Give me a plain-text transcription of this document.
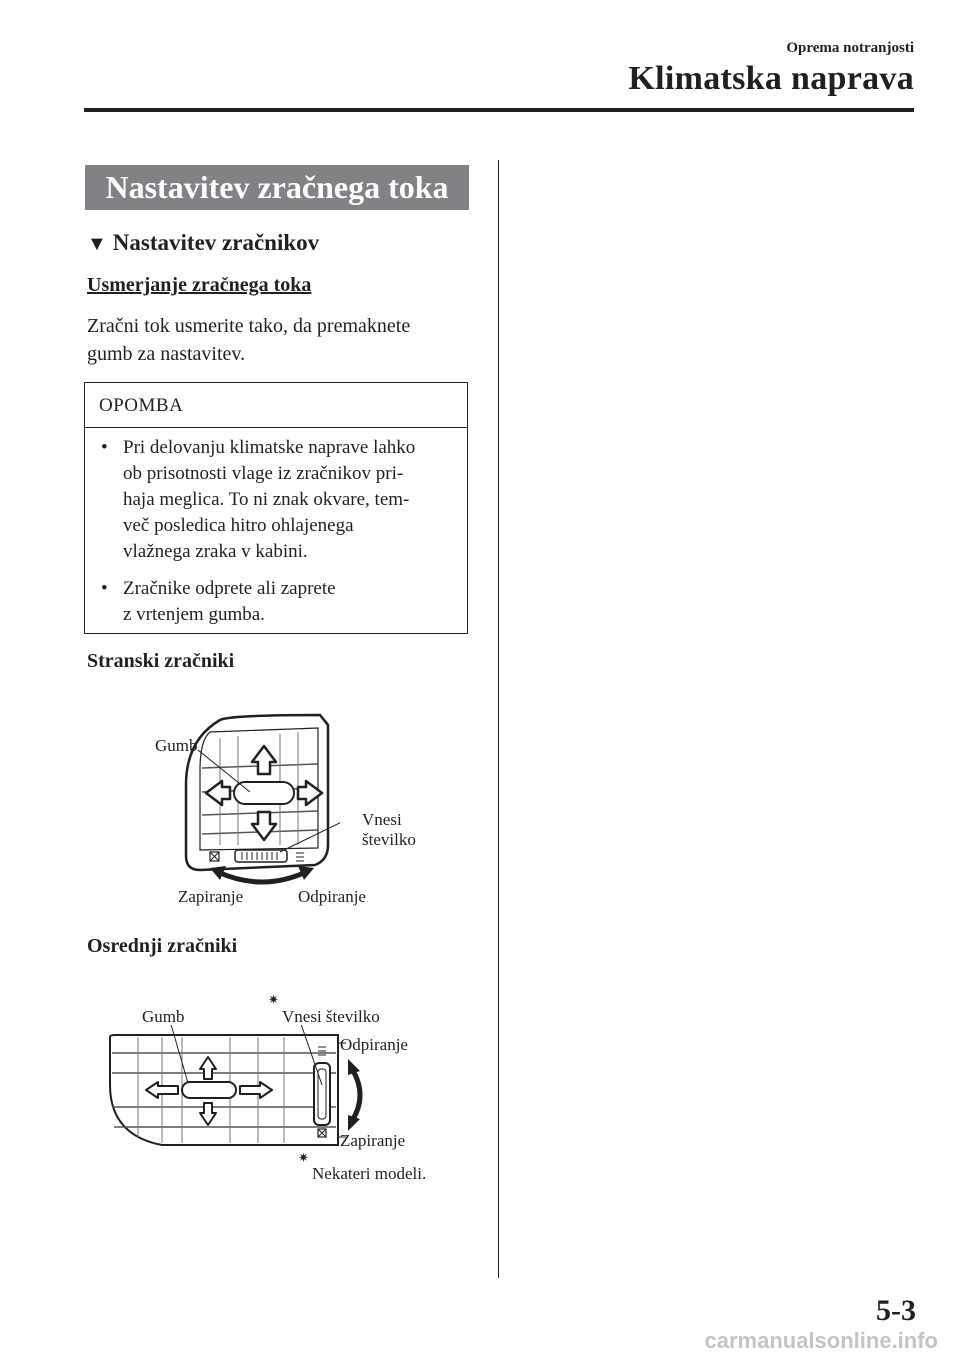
Oprema notranjosti
Klimatska naprava
Nastavitev zračnega toka
▼ Nastavitev zračnikov
Usmerjanje zračnega toka
Zračni tok usmerite tako, da premaknete
gumb za nastavitev.
OPOMBA
• Pri delovanju klimatske naprave lahko
ob prisotnosti vlage iz zračnikov pri-
haja meglica. To ni znak okvare, tem-
več posledica hitro ohlajenega
vlažnega zraka v kabini.
• Zračnike odprete ali zaprete
z vrtenjem gumba.
Stranski zračniki
Gumb
Vnesi
številko
Zapiranje	Odpiranje
Osrednji zračniki
Gumb
✷
Vnesi številko
Odpiranje
Zapiranje
✷
Nekateri modeli.
5-3
carmanualsonline.info
